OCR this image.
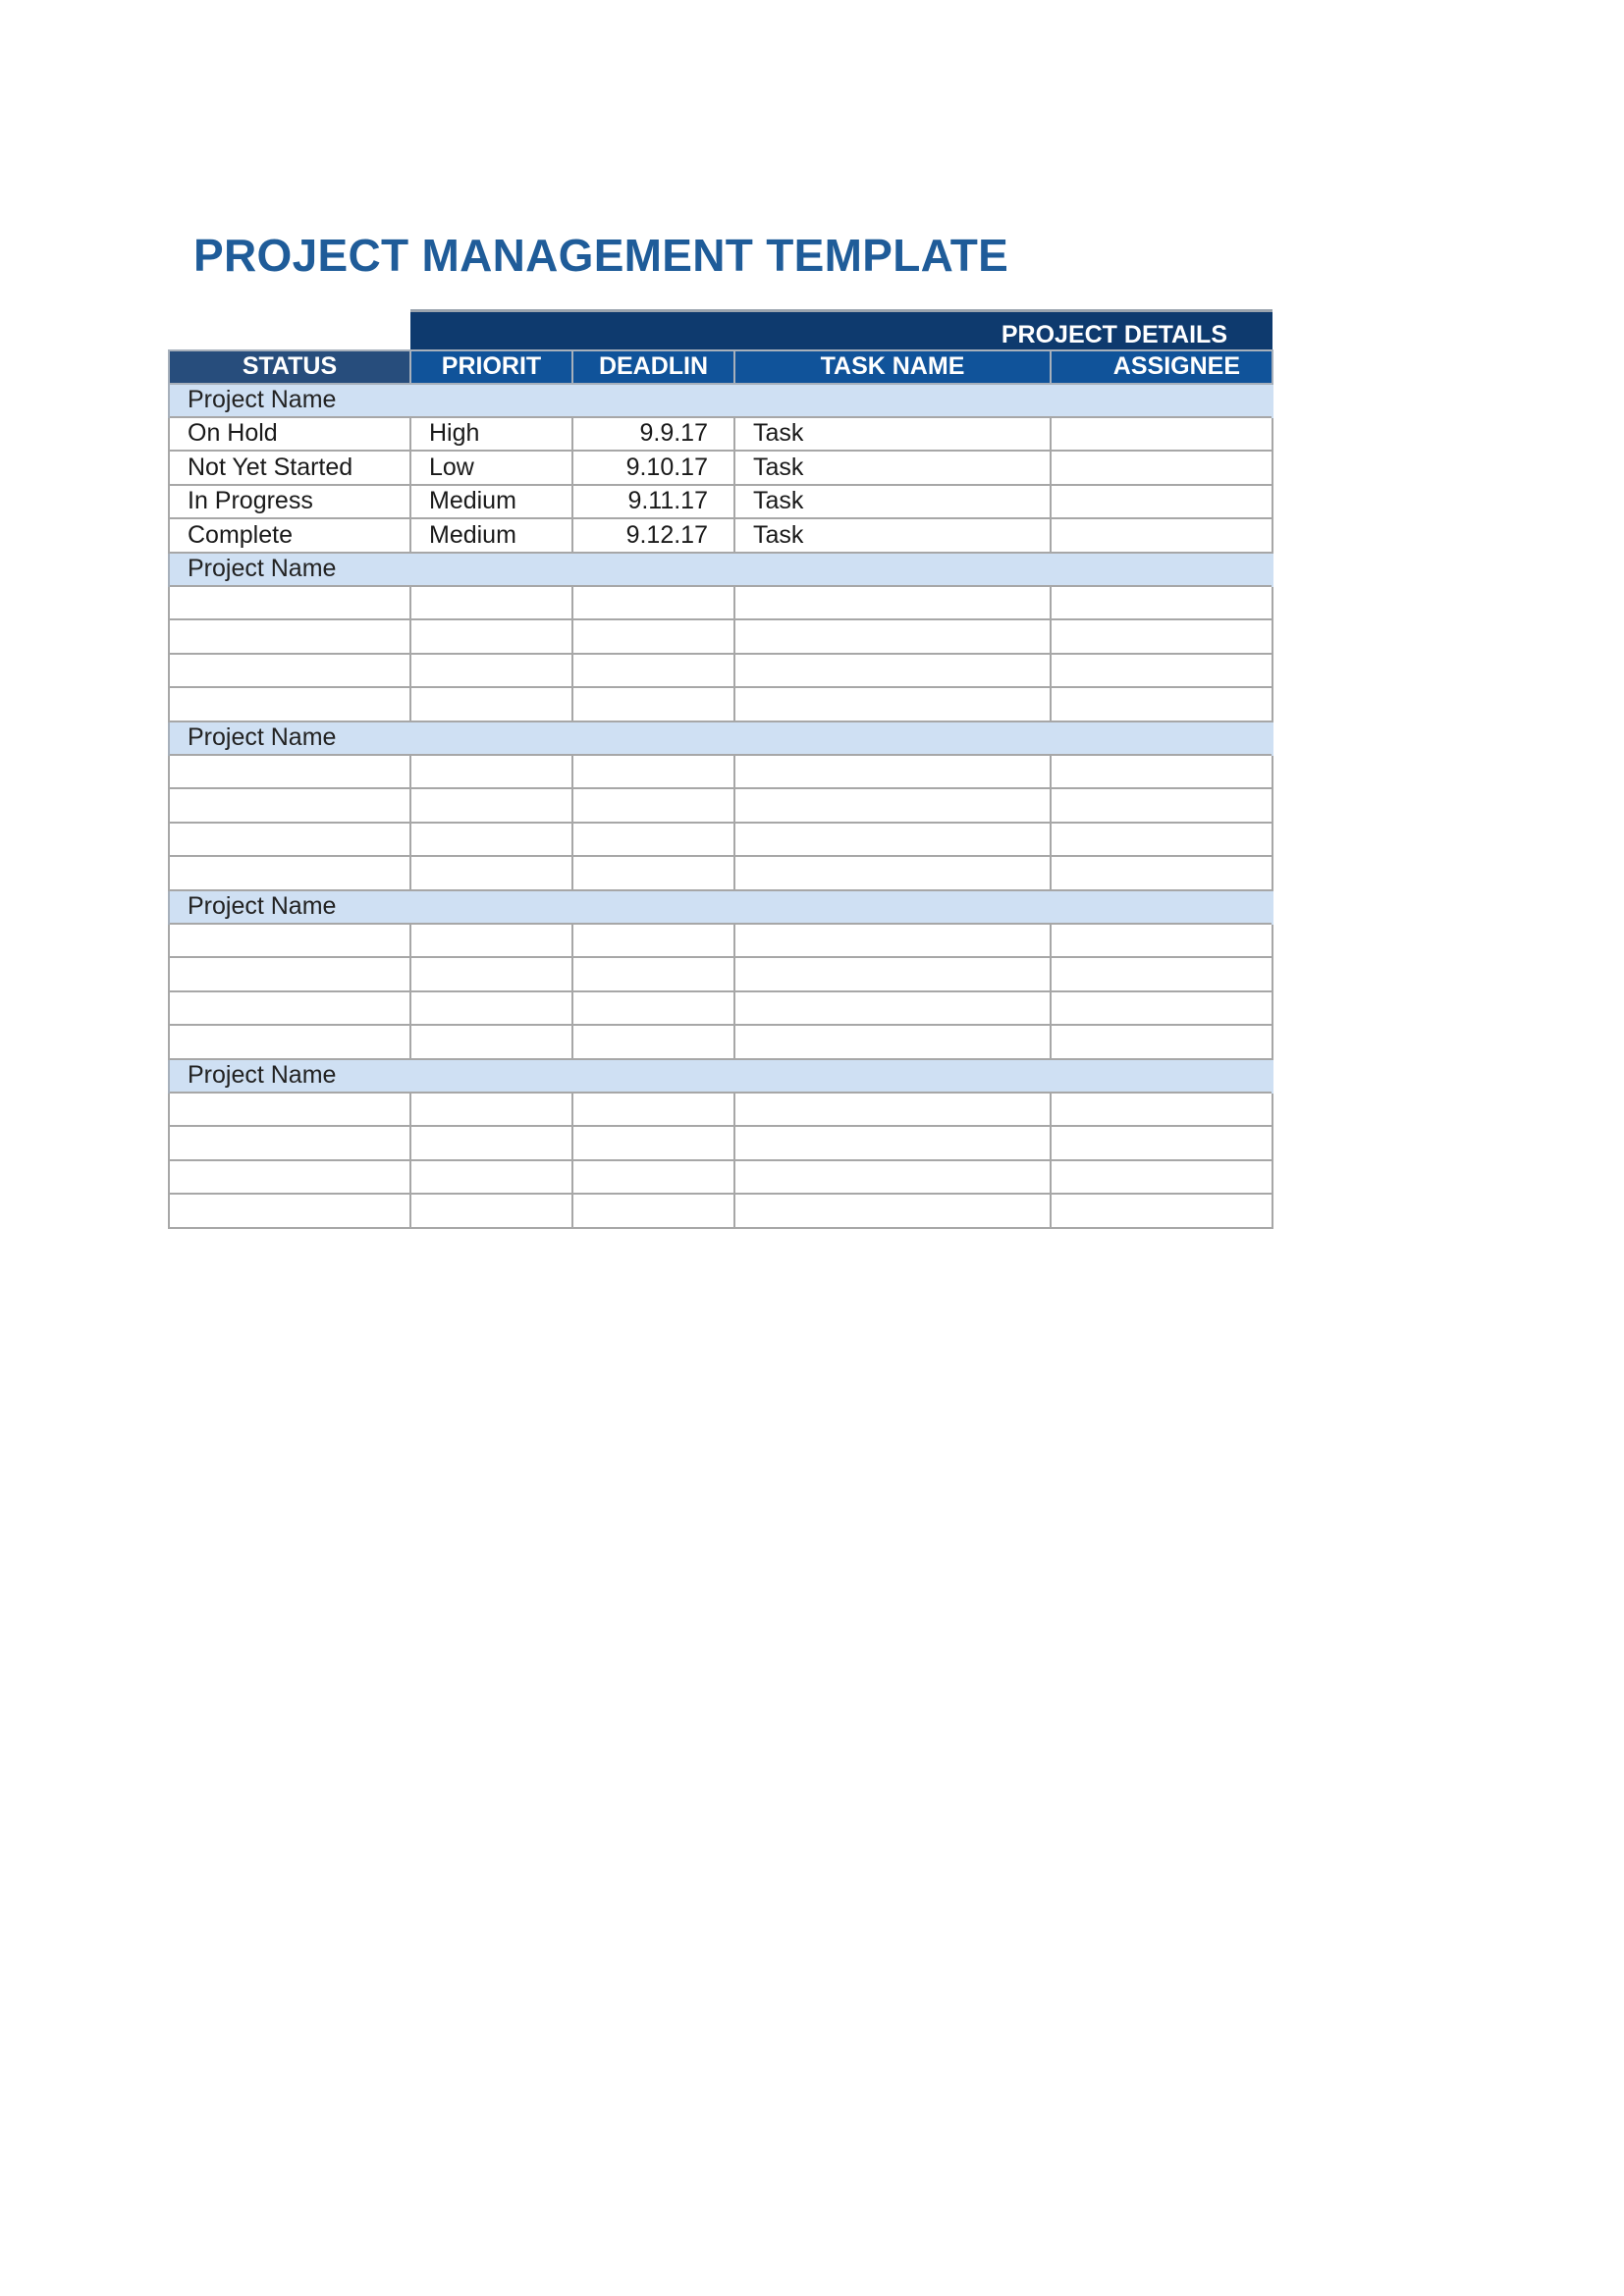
PROJECT MANAGEMENT TEMPLATE
	PROJECT DETAILS			
STATUS	PRIORIT	DEADLIN	TASK NAME	ASSIGNEE
Project Name				
On Hold	High	9.9.17	Task	
Not Yet Started	Low	9.10.17	Task	
In Progress	Medium	9.11.17	Task	
Complete	Medium	9.12.17	Task	
Project Name				

Project Name				

Project Name				

Project Name				
